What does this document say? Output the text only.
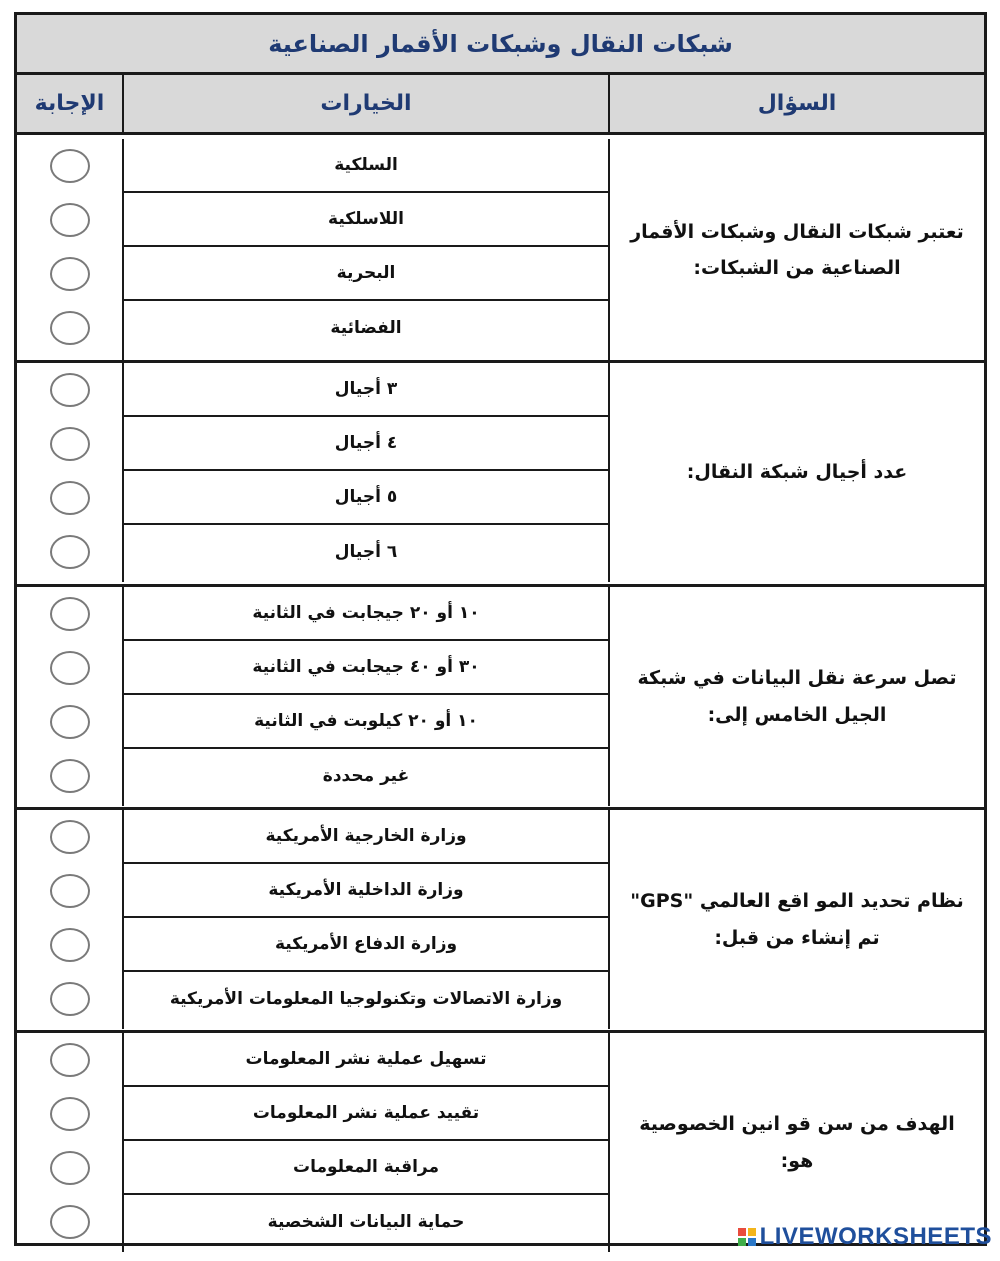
شبكات النقال وشبكات الأقمار الصناعية
السؤال
الخيارات
الإجابة
تعتبر شبكات النقال وشبكات الأقمار الصناعية من الشبكات:
السلكية
اللاسلكية
البحرية
الفضائية
عدد أجيال شبكة النقال:
٣ أجيال
٤ أجيال
٥ أجيال
٦ أجيال
تصل سرعة نقل البيانات في شبكة الجيل الخامس إلى:
١٠ أو ٢٠ جيجابت في الثانية
٣٠ أو ٤٠ جيجابت في الثانية
١٠ أو ٢٠ كيلوبت في الثانية
غير محددة
نظام تحديد المو اقع العالمي "GPS" تم إنشاء من قبل:
وزارة الخارجية الأمريكية
وزارة الداخلية الأمريكية
وزارة الدفاع الأمريكية
وزارة الاتصالات وتكنولوجيا المعلومات الأمريكية
الهدف من سن قو انين الخصوصية هو:
تسهيل عملية نشر المعلومات
تقييد عملية نشر المعلومات
مراقبة المعلومات
حماية البيانات الشخصية
LIVEWORKSHEETS
